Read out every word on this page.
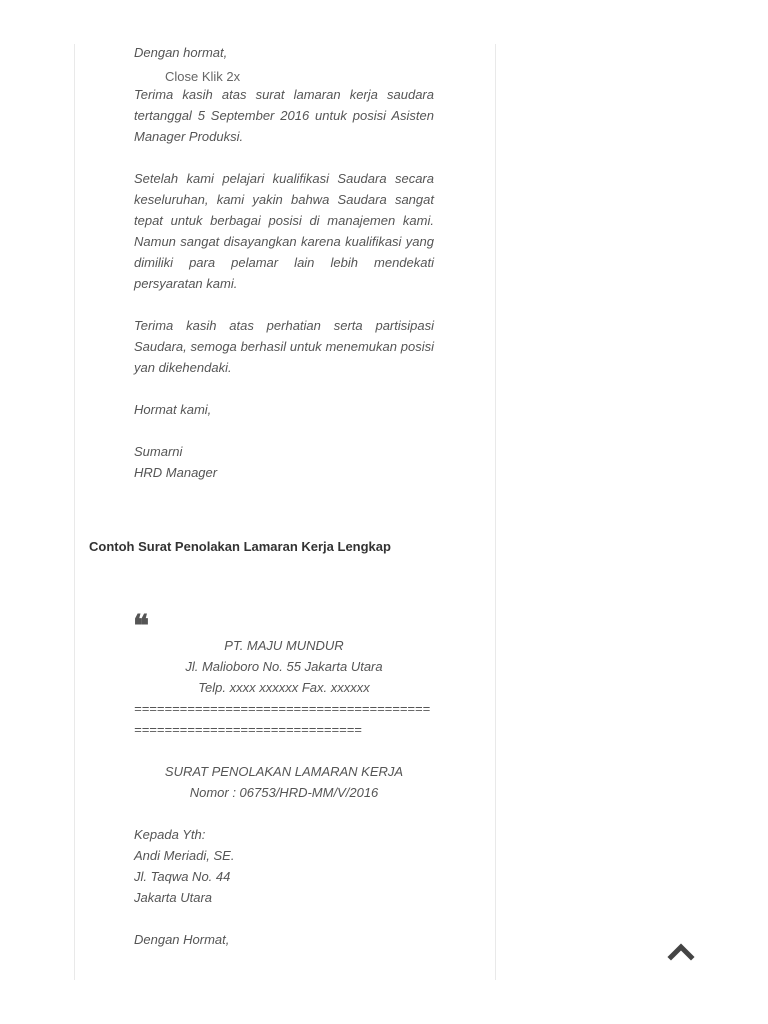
Dengan hormat,

Terima kasih atas surat lamaran kerja saudara tertanggal 5 September 2016 untuk posisi Asisten Manager Produksi.

Setelah kami pelajari kualifikasi Saudara secara keseluruhan, kami yakin bahwa Saudara sangat tepat untuk berbagai posisi di manajemen kami. Namun sangat disayangkan karena kualifikasi yang dimiliki para pelamar lain lebih mendekati persyaratan kami.

Terima kasih atas perhatian serta partisipasi Saudara, semoga berhasil untuk menemukan posisi yan dikehendaki.

Hormat kami,

Sumarni

HRD Manager

Close Klik 2x
Contoh Surat Penolakan Lamaran Kerja Lengkap
❝
PT. MAJU MUNDUR
Jl. Malioboro No. 55 Jakarta Utara
Telp. xxxx xxxxxx Fax. xxxxxx
=======================================
==============================
SURAT PENOLAKAN LAMARAN KERJA
Nomor : 06753/HRD-MM/V/2016
Kepada Yth:
Andi Meriadi, SE.
Jl. Taqwa No. 44
Jakarta Utara
Dengan Hormat,
